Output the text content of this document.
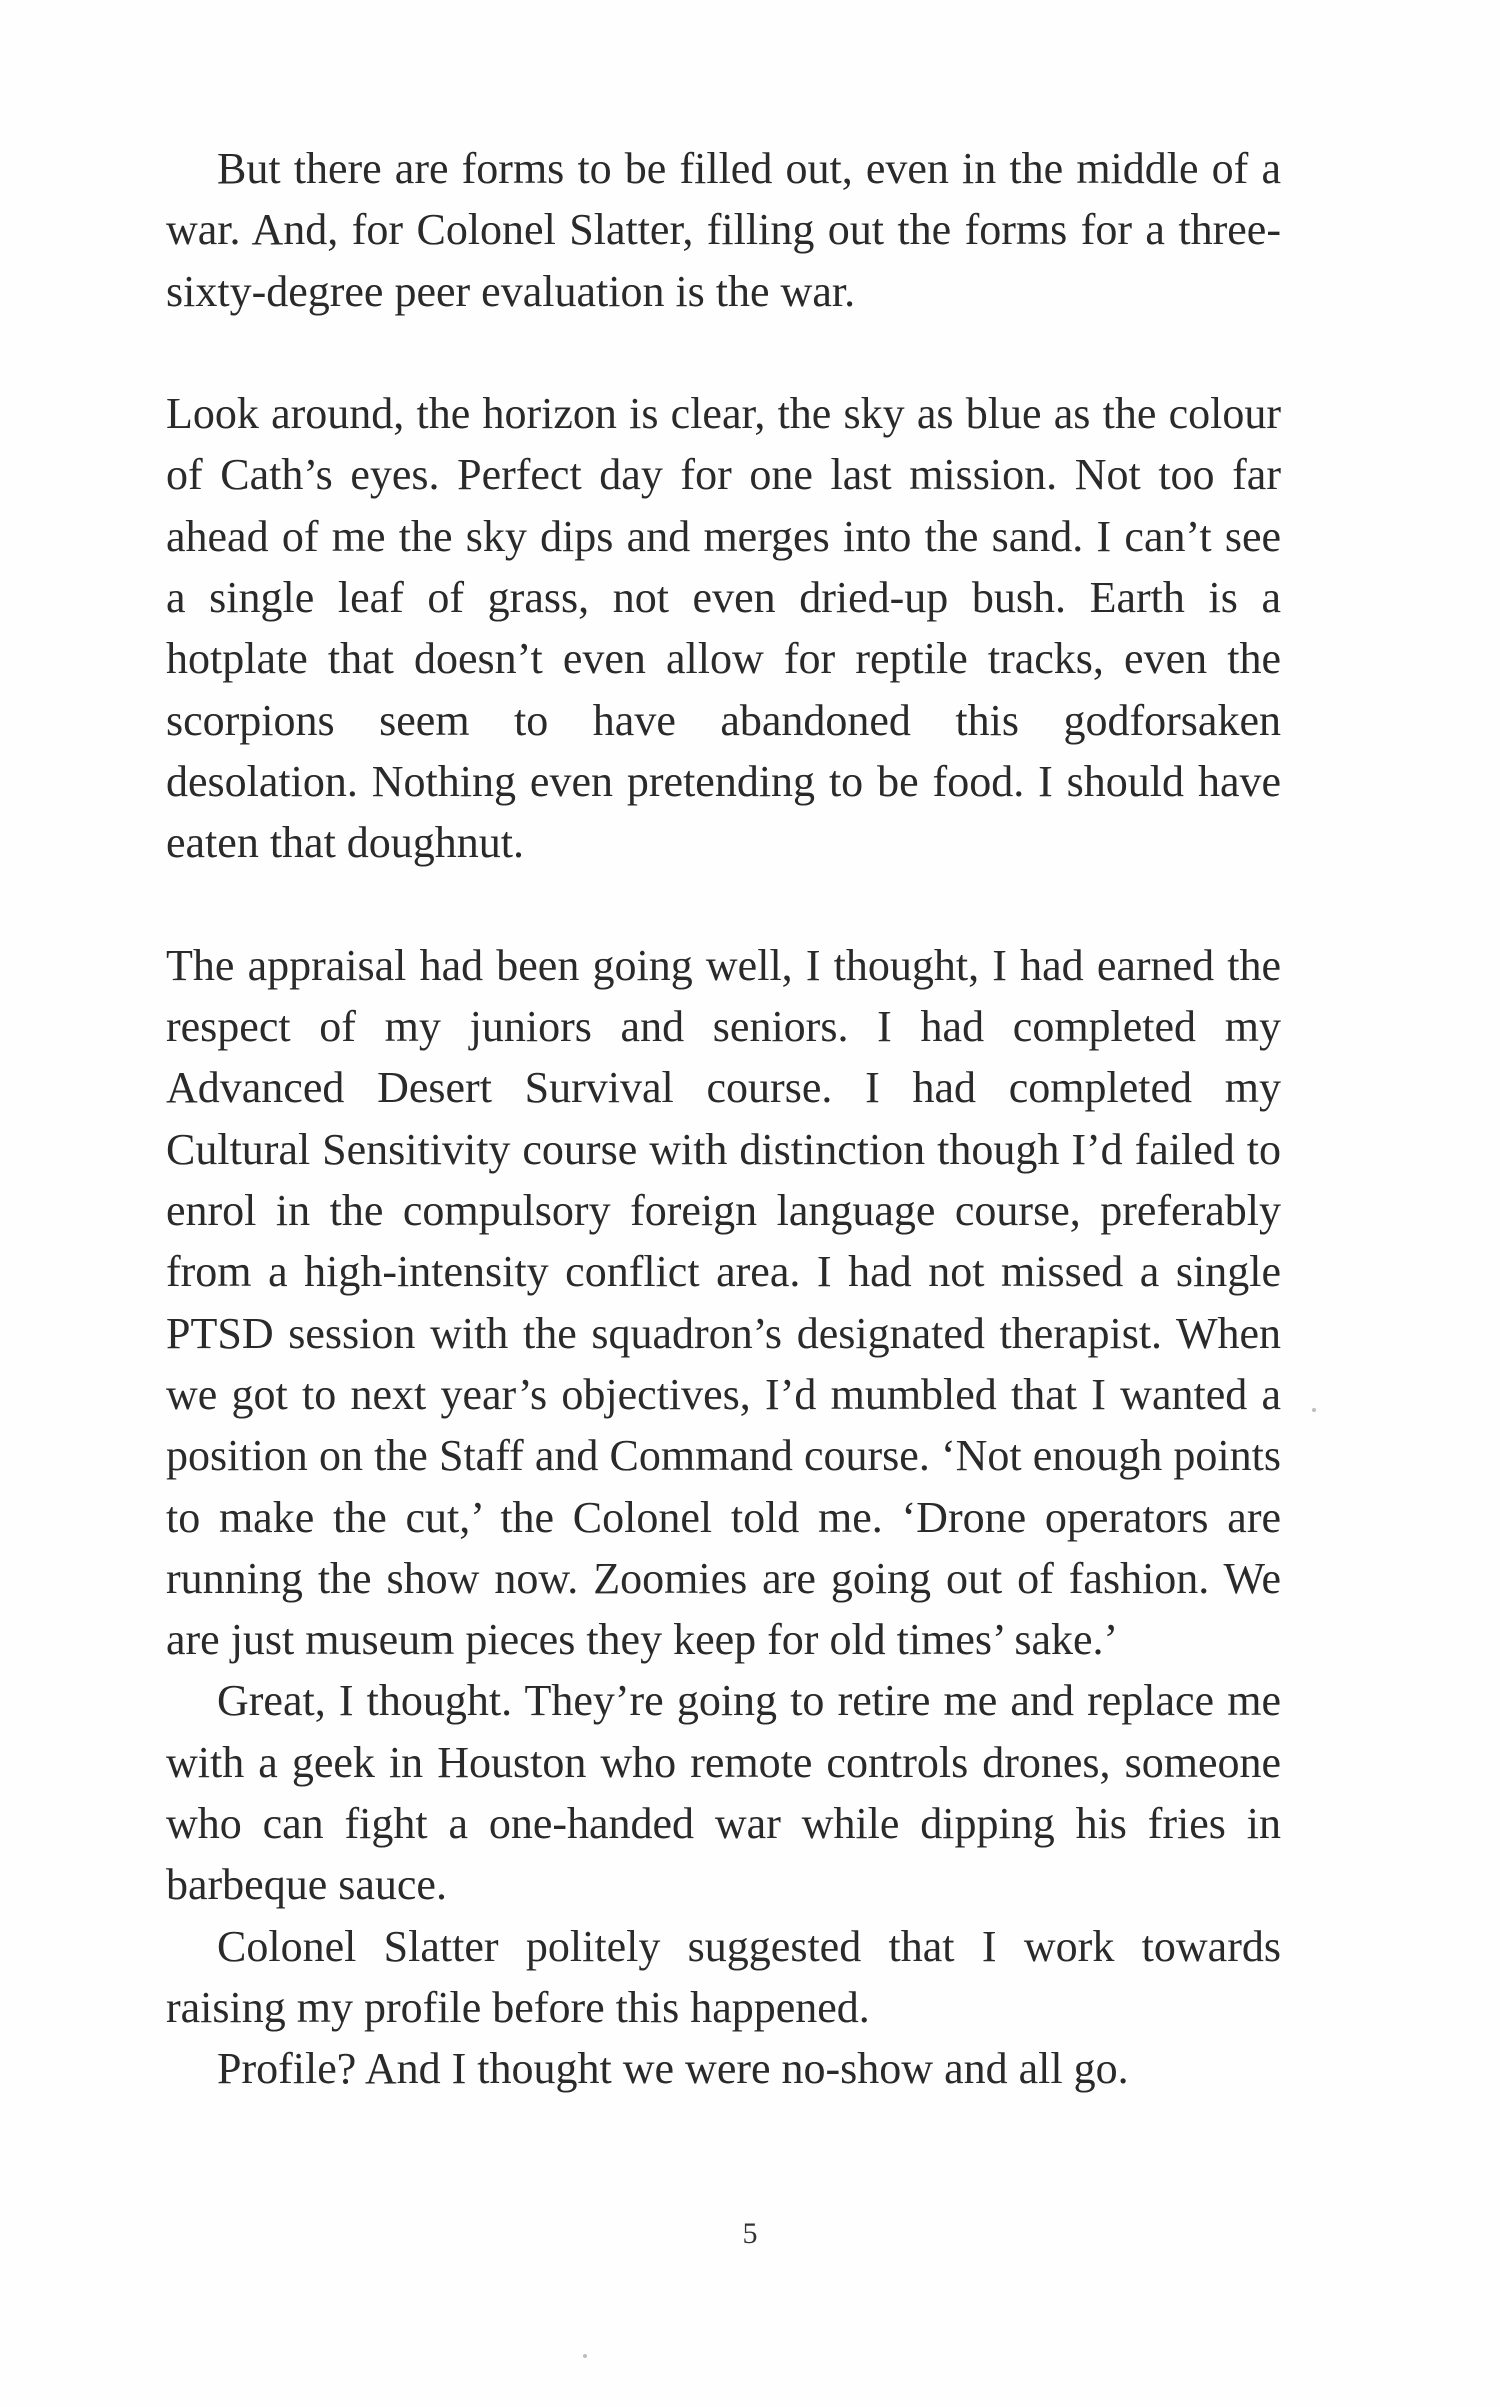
But there are forms to be filled out, even in the middle of a war. And, for Colonel Slatter, filling out the forms for a three-sixty-degree peer evaluation is the war.

Look around, the horizon is clear, the sky as blue as the colour of Cath’s eyes. Perfect day for one last mission. Not too far ahead of me the sky dips and merges into the sand. I can’t see a single leaf of grass, not even dried-up bush. Earth is a hotplate that doesn’t even allow for reptile tracks, even the scorpions seem to have abandoned this godforsaken desolation. Nothing even pretending to be food. I should have eaten that doughnut.

The appraisal had been going well, I thought, I had earned the respect of my juniors and seniors. I had completed my Advanced Desert Survival course. I had completed my Cultural Sensitivity course with distinction though I’d failed to enrol in the compulsory foreign language course, preferably from a high-intensity conflict area. I had not missed a single PTSD session with the squadron’s designated therapist. When we got to next year’s objectives, I’d mumbled that I wanted a position on the Staff and Command course. ‘Not enough points to make the cut,’ the Colonel told me. ‘Drone operators are running the show now. Zoomies are going out of fashion. We are just museum pieces they keep for old times’ sake.’

Great, I thought. They’re going to retire me and replace me with a geek in Houston who remote controls drones, someone who can fight a one-handed war while dipping his fries in barbeque sauce.

Colonel Slatter politely suggested that I work towards raising my profile before this happened.

Profile? And I thought we were no-show and all go.

5
